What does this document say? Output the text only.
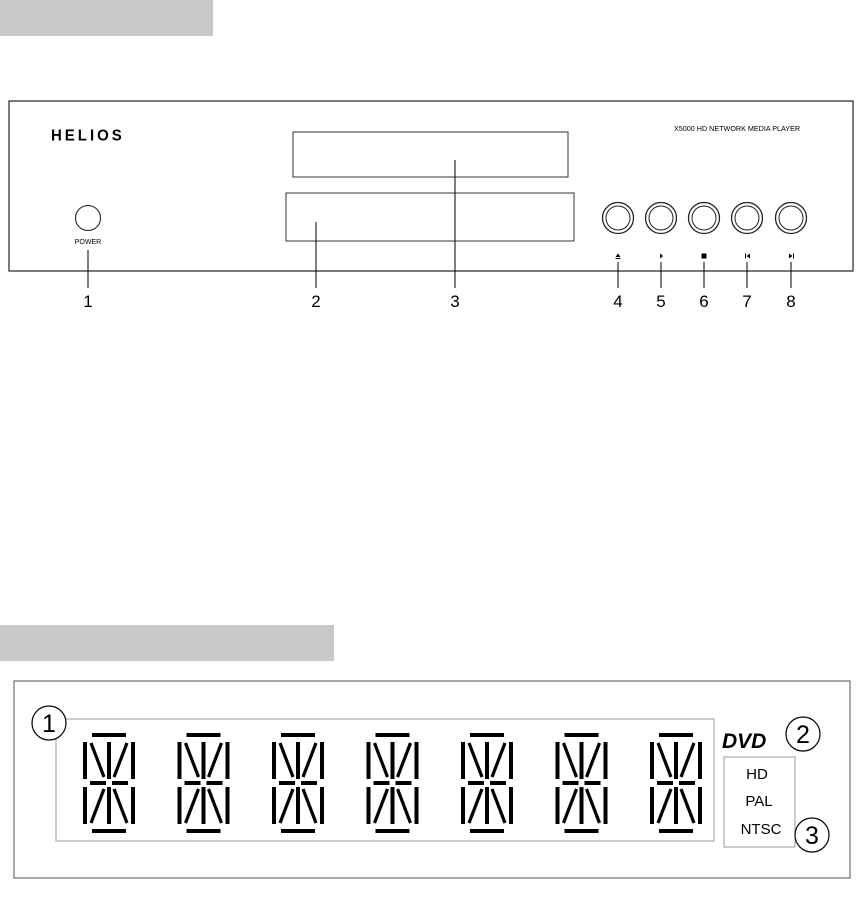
HELIOS	X5000 HD NETWORK MEDIA PLAYER
POWER
1	2	3	4 5 6 7 8
1
DVD 2
HD
PAL
NTSC 3
